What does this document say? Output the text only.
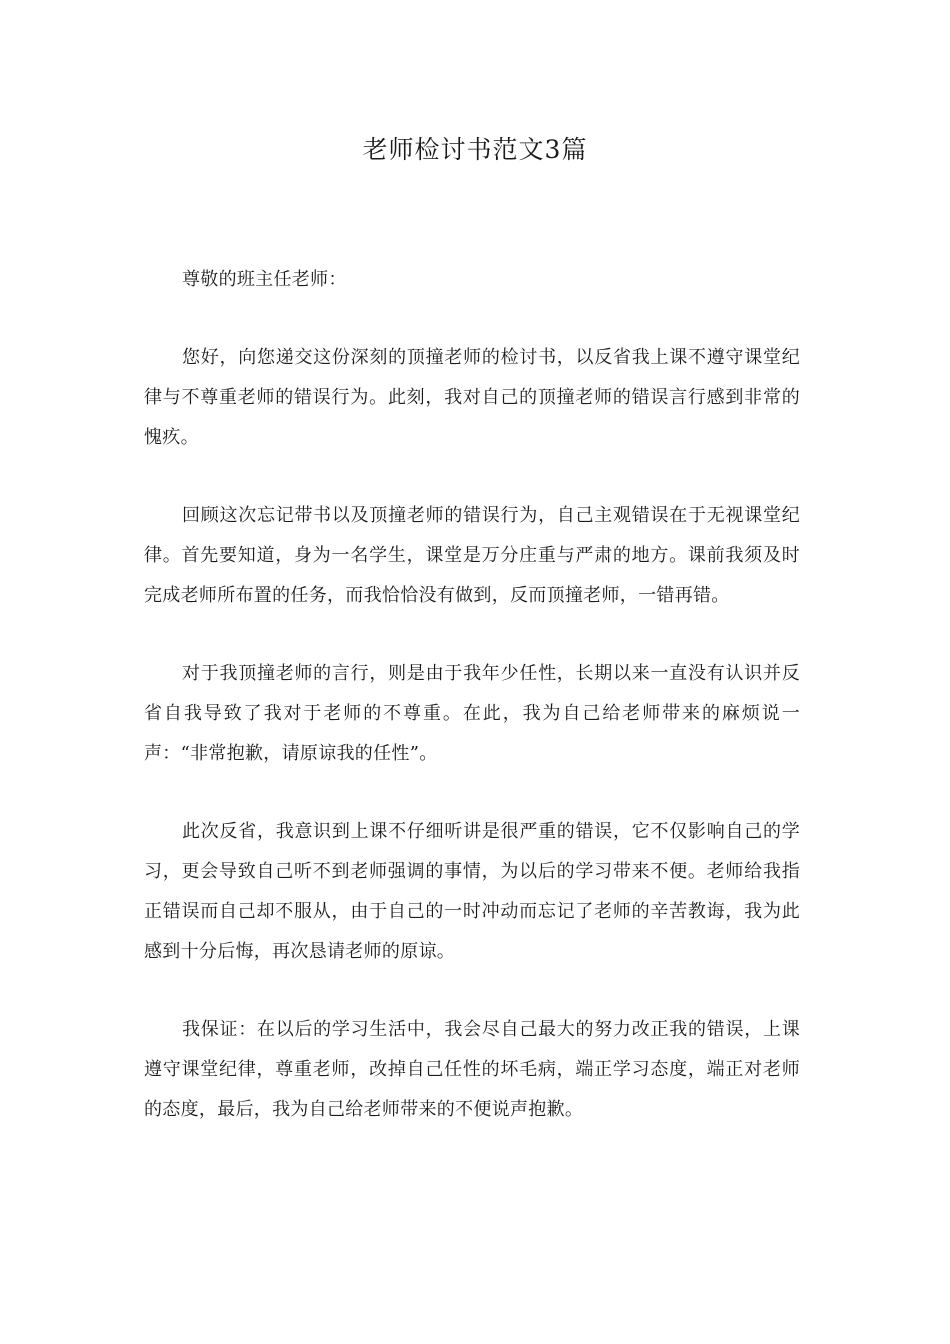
老师检讨书范文3篇

尊敬的班主任老师：

您好，向您递交这份深刻的顶撞老师的检讨书，以反省我上课不遵守课堂纪律与不尊重老师的错误行为。此刻，我对自己的顶撞老师的错误言行感到非常的愧疚。

回顾这次忘记带书以及顶撞老师的错误行为，自己主观错误在于无视课堂纪律。首先要知道，身为一名学生，课堂是万分庄重与严肃的地方。课前我须及时完成老师所布置的任务，而我恰恰没有做到，反而顶撞老师，一错再错。

对于我顶撞老师的言行，则是由于我年少任性，长期以来一直没有认识并反省自我导致了我对于老师的不尊重。在此，我为自己给老师带来的麻烦说一声：“非常抱歉，请原谅我的任性”。

此次反省，我意识到上课不仔细听讲是很严重的错误，它不仅影响自己的学习，更会导致自己听不到老师强调的事情，为以后的学习带来不便。老师给我指正错误而自己却不服从，由于自己的一时冲动而忘记了老师的辛苦教诲，我为此感到十分后悔，再次恳请老师的原谅。

我保证：在以后的学习生活中，我会尽自己最大的努力改正我的错误，上课遵守课堂纪律，尊重老师，改掉自己任性的坏毛病，端正学习态度，端正对老师的态度，最后，我为自己给老师带来的不便说声抱歉。
